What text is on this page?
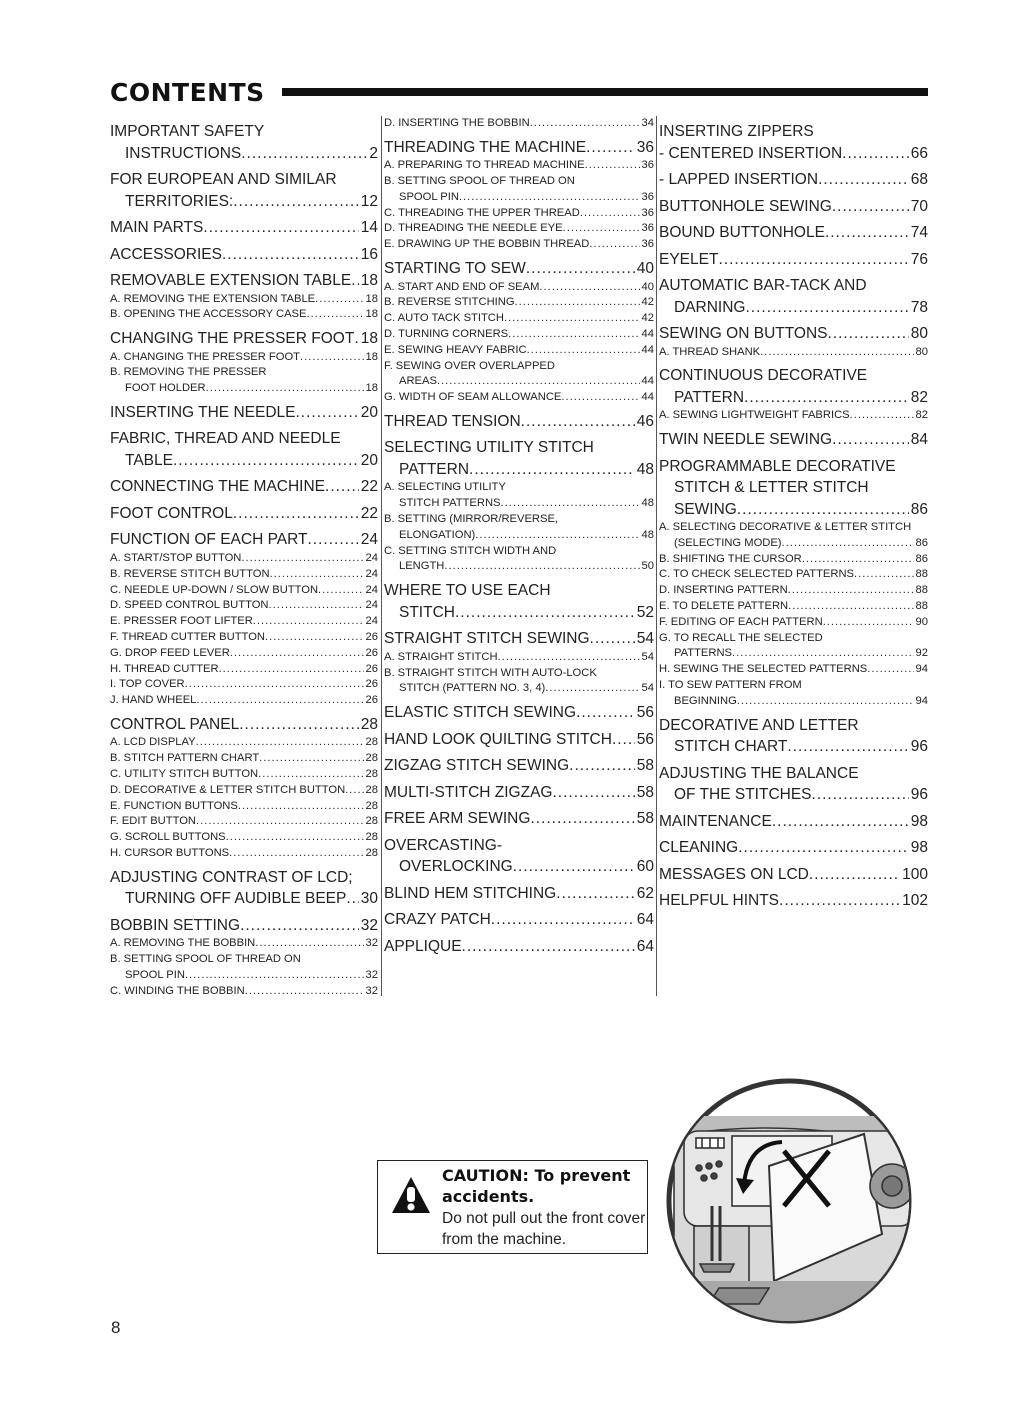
CONTENTS
IMPORTANT SAFETY
INSTRUCTIONS .....	2
FOR EUROPEAN AND SIMILAR
TERRITORIES: .....	12
MAIN PARTS .....	14
ACCESSORIES .....	16
REMOVABLE EXTENSION TABLE ..... 18
A. REMOVING THE EXTENSION TABLE .....	18
B. OPENING THE ACCESSORY CASE .....	18
CHANGING THE PRESSER FOOT ..... 18
A. CHANGING THE PRESSER FOOT .....	18
B. REMOVING THE PRESSER
FOOT HOLDER .....	18
INSERTING THE NEEDLE .....	20
FABRIC, THREAD AND NEEDLE
TABLE .....	20
CONNECTING THE MACHINE ..... 22
FOOT CONTROL .....	22
FUNCTION OF EACH PART .....	24
A. START/STOP BUTTON .....	24
B. REVERSE STITCH BUTTON .....	24
C. NEEDLE UP-DOWN / SLOW BUTTON .....	24
D. SPEED CONTROL BUTTON .....	24
E. PRESSER FOOT LIFTER .....	24
F. THREAD CUTTER BUTTON .....	26
G. DROP FEED LEVER .....	26
H. THREAD CUTTER .....	26
I. TOP COVER .....	26
J. HAND WHEEL .....	26
CONTROL PANEL .....	28
A. LCD DISPLAY .....	28
B. STITCH PATTERN CHART .....	28
C. UTILITY STITCH BUTTON .....	28
D. DECORATIVE & LETTER STITCH BUTTON ..... 28
E. FUNCTION BUTTONS .....	28
F. EDIT BUTTON .....	28
G. SCROLL BUTTONS .....	28
H. CURSOR BUTTONS .....	28
ADJUSTING CONTRAST OF LCD;
TURNING OFF AUDIBLE BEEP ..... 30
BOBBIN SETTING .....	32
A. REMOVING THE BOBBIN .....	32
B. SETTING SPOOL OF THREAD ON
SPOOL PIN .....	32
C. WINDING THE BOBBIN .....	32
D. INSERTING THE BOBBIN .....	34
THREADING THE MACHINE .....	36
A. PREPARING TO THREAD MACHINE .....	36
B. SETTING SPOOL OF THREAD ON
SPOOL PIN .....	36
C. THREADING THE UPPER THREAD .....	36
D. THREADING THE NEEDLE EYE .....	36
E. DRAWING UP THE BOBBIN THREAD .....	36
STARTING TO SEW .....	40
A. START AND END OF SEAM .....	40
B. REVERSE STITCHING .....	42
C. AUTO TACK STITCH .....	42
D. TURNING CORNERS .....	44
E. SEWING HEAVY FABRIC .....	44
F. SEWING OVER OVERLAPPED
AREAS .....	44
G. WIDTH OF SEAM ALLOWANCE .....	44
THREAD TENSION .....	46
SELECTING UTILITY STITCH
PATTERN .....	48
A. SELECTING UTILITY
STITCH PATTERNS .....	48
B. SETTING (MIRROR/REVERSE,
ELONGATION) .....	48
C. SETTING STITCH WIDTH AND
LENGTH .....	50
WHERE TO USE EACH
STITCH .....	52
STRAIGHT STITCH SEWING .....	54
A. STRAIGHT STITCH .....	54
B. STRAIGHT STITCH WITH AUTO-LOCK
STITCH (PATTERN NO. 3, 4) .....	54
ELASTIC STITCH SEWING .....	56
HAND LOOK QUILTING STITCH ..... 56
ZIGZAG STITCH SEWING .....	58
MULTI-STITCH ZIGZAG .....	58
FREE ARM SEWING .....	58
OVERCASTING-
OVERLOCKING .....	60
BLIND HEM STITCHING .....	62
CRAZY PATCH .....	64
APPLIQUE .....	64
INSERTING ZIPPERS
- CENTERED INSERTION .....	66
- LAPPED INSERTION .....	68
BUTTONHOLE SEWING .....	70
BOUND BUTTONHOLE .....	74
EYELET .....	76
AUTOMATIC BAR-TACK AND
DARNING .....	78
SEWING ON BUTTONS .....	80
A. THREAD SHANK .....	80
CONTINUOUS DECORATIVE
PATTERN .....	82
A. SEWING LIGHTWEIGHT FABRICS .....	82
TWIN NEEDLE SEWING .....	84
PROGRAMMABLE DECORATIVE
STITCH & LETTER STITCH
SEWING .....	86
A. SELECTING DECORATIVE & LETTER STITCH
(SELECTING MODE) .....	86
B. SHIFTING THE CURSOR .....	86
C. TO CHECK SELECTED PATTERNS .....	88
D. INSERTING PATTERN .....	88
E. TO DELETE PATTERN .....	88
F. EDITING OF EACH PATTERN .....	90
G. TO RECALL THE SELECTED
PATTERNS .....	92
H. SEWING THE SELECTED PATTERNS .....	94
I. TO SEW PATTERN FROM
BEGINNING .....	94
DECORATIVE AND LETTER
STITCH CHART .....	96
ADJUSTING THE BALANCE
OF THE STITCHES .....	96
MAINTENANCE .....	98
CLEANING .....	98
MESSAGES ON LCD .....	100
HELPFUL HINTS .....	102
CAUTION: To prevent accidents.
Do not pull out the front cover from the machine.
8
